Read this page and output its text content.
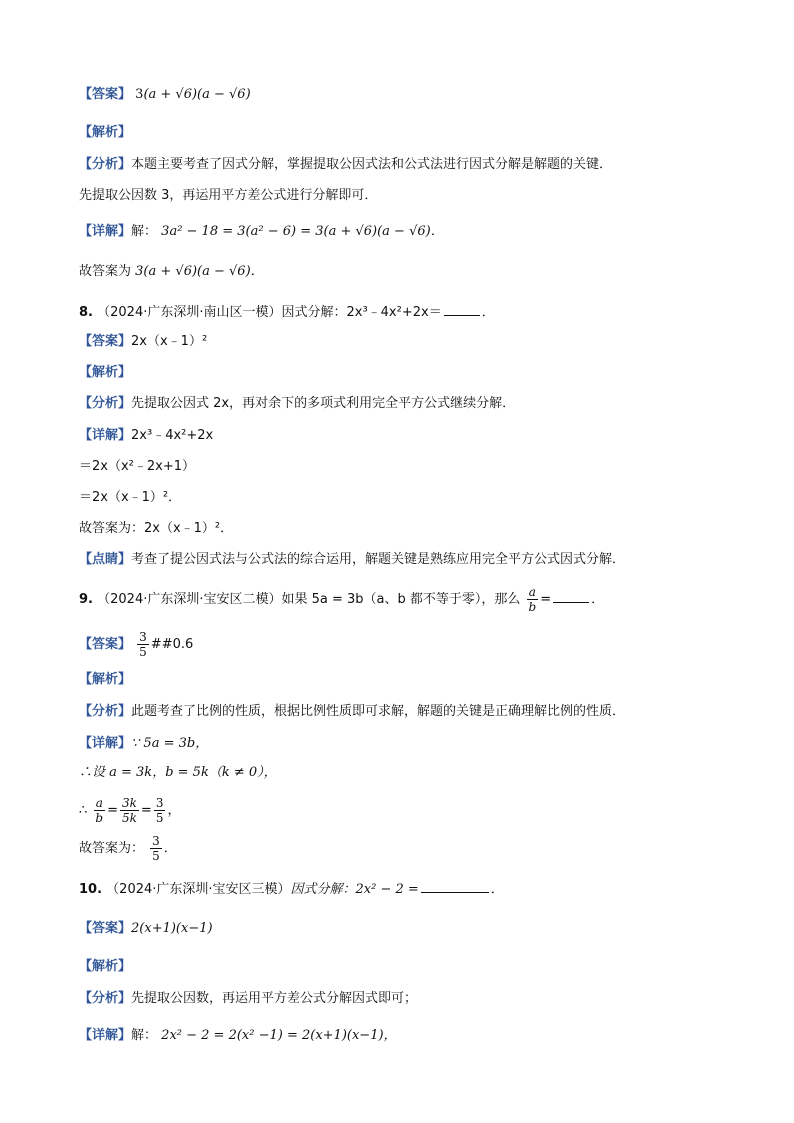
【答案】 3(a + √6)(a − √6)
【解析】
【分析】本题主要考查了因式分解，掌握提取公因式法和公式法进行因式分解是解题的关键．
先提取公因数 3，再运用平方差公式进行分解即可．
【详解】解： 3a² − 18 = 3(a² − 6) = 3(a + √6)(a − √6)．
故答案为 3(a + √6)(a − √6)．
8. （2024·广东深圳·南山区一模）因式分解：2x³﹣4x²+2x＝	．
【答案】2x（x﹣1）²
【解析】
【分析】先提取公因式 2x，再对余下的多项式利用完全平方公式继续分解．
【详解】2x³﹣4x²+2x
＝2x（x²﹣2x+1）
＝2x（x﹣1）²．
故答案为：2x（x﹣1）²．
【点睛】考查了提公因式法与公式法的综合运用，解题关键是熟练应用完全平方公式因式分解．
9. （2024·广东深圳·宝安区二模）如果 5a = 3b（a、b 都不等于零），那么 $\frac{a}{b}$ =	．
【答案】 $\frac{3}{5}$ ##0.6
【解析】
【分析】此题考查了比例的性质，根据比例性质即可求解，解题的关键是正确理解比例的性质．
【详解】∵ 5a = 3b，
∴设 a = 3k，b = 5k（k ≠ 0），
∴ $\frac{a}{b} = \frac{3k}{5k} = \frac{3}{5}$ ，
故答案为： $\frac{3}{5}$ ．
10. （2024·广东深圳·宝安区三模）因式分解：2x² − 2 =	．
【答案】2(x+1)(x−1)
【解析】
【分析】先提取公因数，再运用平方差公式分解因式即可；
【详解】解： 2x² − 2 = 2(x² −1) = 2(x+1)(x−1)，
